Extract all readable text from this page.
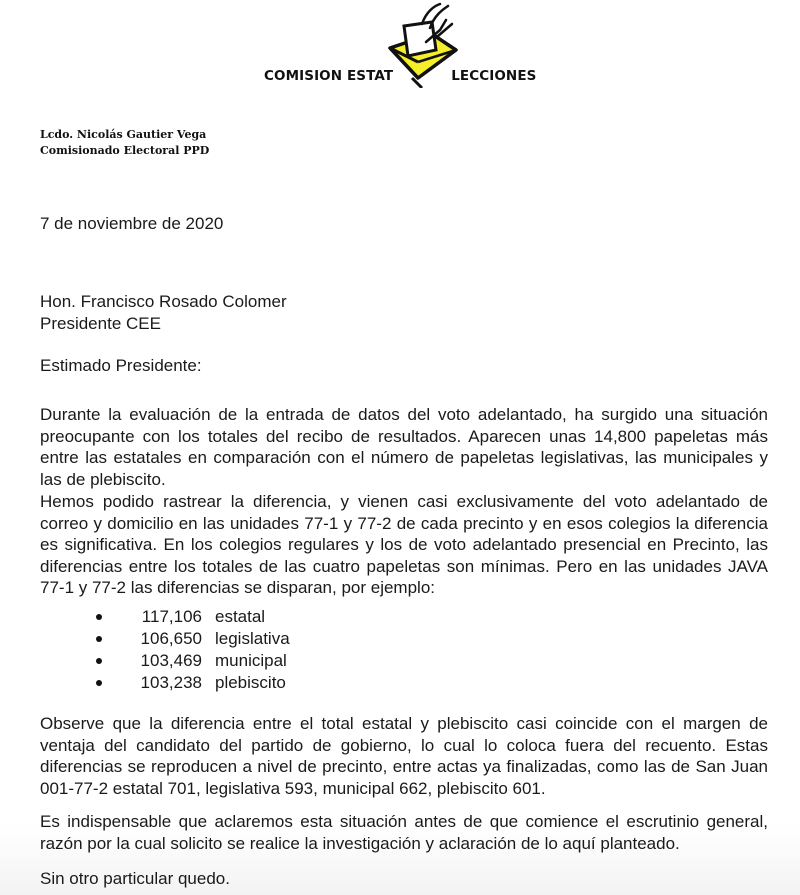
COMISION ESTAT	LECCIONES
Lcdo. Nicolás Gautier Vega
Comisionado Electoral PPD
7 de noviembre de 2020
Hon. Francisco Rosado Colomer
Presidente CEE
Estimado Presidente:
Durante la evaluación de la entrada de datos del voto adelantado, ha surgido una situación preocupante con los totales del recibo de resultados. Aparecen unas 14,800 papeletas más entre las estatales en comparación con el número de papeletas legislativas, las municipales y las de plebiscito.
Hemos podido rastrear la diferencia, y vienen casi exclusivamente del voto adelantado de correo y domicilio en las unidades 77-1 y 77-2 de cada precinto y en esos colegios la diferencia es significativa. En los colegios regulares y los de voto adelantado presencial en Precinto, las diferencias entre los totales de las cuatro papeletas son mínimas. Pero en las unidades JAVA 77-1 y 77-2 las diferencias se disparan, por ejemplo:
117,106 estatal
106,650 legislativa
103,469 municipal
103,238 plebiscito
Observe que la diferencia entre el total estatal y plebiscito casi coincide con el margen de ventaja del candidato del partido de gobierno, lo cual lo coloca fuera del recuento. Estas diferencias se reproducen a nivel de precinto, entre actas ya finalizadas, como las de San Juan 001-77-2 estatal 701, legislativa 593, municipal 662, plebiscito 601.
Es indispensable que aclaremos esta situación antes de que comience el escrutinio general, razón por la cual solicito se realice la investigación y aclaración de lo aquí planteado.
Sin otro particular quedo.
